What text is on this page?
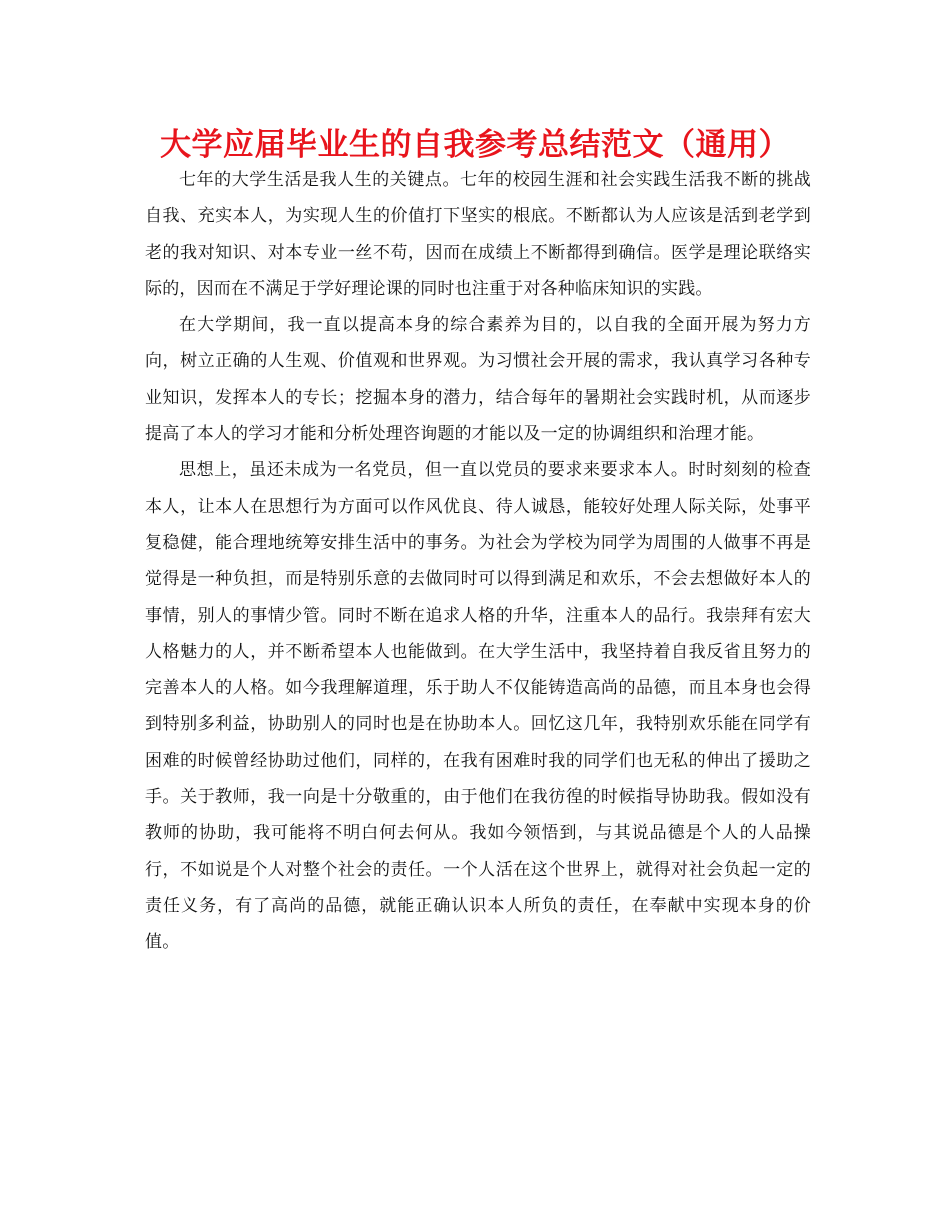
大学应届毕业生的自我参考总结范文（通用）

七年的大学生活是我人生的关键点。七年的校园生涯和社会实践生活我不断的挑战自我、充实本人，为实现人生的价值打下坚实的根底。不断都认为人应该是活到老学到老的我对知识、对本专业一丝不苟，因而在成绩上不断都得到确信。医学是理论联络实际的，因而在不满足于学好理论课的同时也注重于对各种临床知识的实践。

在大学期间，我一直以提高本身的综合素养为目的，以自我的全面开展为努力方向，树立正确的人生观、价值观和世界观。为习惯社会开展的需求，我认真学习各种专业知识，发挥本人的专长；挖掘本身的潜力，结合每年的暑期社会实践时机，从而逐步提高了本人的学习才能和分析处理咨询题的才能以及一定的协调组织和治理才能。

思想上，虽还未成为一名党员，但一直以党员的要求来要求本人。时时刻刻的检查本人，让本人在思想行为方面可以作风优良、待人诚恳，能较好处理人际关际，处事平复稳健，能合理地统筹安排生活中的事务。为社会为学校为同学为周围的人做事不再是觉得是一种负担，而是特别乐意的去做同时可以得到满足和欢乐，不会去想做好本人的事情，别人的事情少管。同时不断在追求人格的升华，注重本人的品行。我崇拜有宏大人格魅力的人，并不断希望本人也能做到。在大学生活中，我坚持着自我反省且努力的完善本人的人格。如今我理解道理，乐于助人不仅能铸造高尚的品德，而且本身也会得到特别多利益，协助别人的同时也是在协助本人。回忆这几年，我特别欢乐能在同学有困难的时候曾经协助过他们，同样的，在我有困难时我的同学们也无私的伸出了援助之手。关于教师，我一向是十分敬重的，由于他们在我彷徨的时候指导协助我。假如没有教师的协助，我可能将不明白何去何从。我如今领悟到，与其说品德是个人的人品操行，不如说是个人对整个社会的责任。一个人活在这个世界上，就得对社会负起一定的责任义务，有了高尚的品德，就能正确认识本人所负的责任，在奉献中实现本身的价值。
